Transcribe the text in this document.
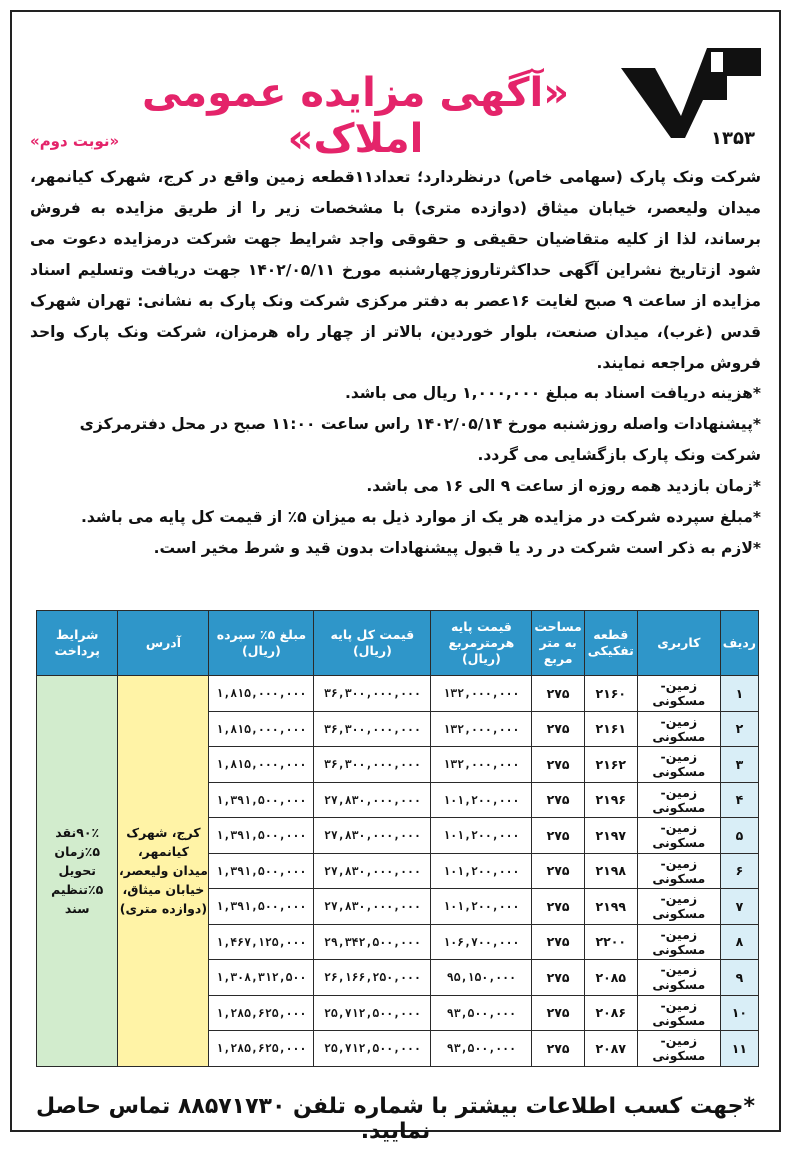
۱۳۵۳
«آگهی مزایده عمومی املاک»
«نوبت دوم»

شرکت ونک پارک (سهامی خاص) درنظردارد؛ تعداد۱۱قطعه زمین واقع در کرج، شهرک کیانمهر، میدان ولیعصر، خیابان میثاق (دوازده متری) با مشخصات زیر را از طریق مزایده به فروش برساند، لذا از کلیه متقاضیان حقیقی و حقوقی واجد شرایط جهت شرکت درمزایده دعوت می شود ازتاریخ نشراین آگهی حداکثرتاروزچهارشنبه مورخ ۱۴۰۲/۰۵/۱۱ جهت دریافت وتسلیم اسناد مزایده از ساعت ۹ صبح لغایت ۱۶عصر به دفتر مرکزی شرکت ونک پارک به نشانی: تهران شهرک قدس (غرب)، میدان صنعت، بلوار خوردین، بالاتر از چهار راه هرمزان، شرکت ونک پارک واحد فروش مراجعه نمایند.

*هزینه دریافت اسناد به مبلغ ۱,۰۰۰,۰۰۰ ریال می باشد.

*پیشنهادات واصله روزشنبه مورخ ۱۴۰۲/۰۵/۱۴ راس ساعت ۱۱:۰۰ صبح در محل دفترمرکزی شرکت ونک پارک بازگشایی می گردد.

*زمان بازدید همه روزه از ساعت ۹ الی ۱۶ می باشد.

*مبلغ سپرده شرکت در مزایده هر یک از موارد ذیل به میزان ۵٪ از قیمت کل پایه می باشد.

*لازم به ذکر است شرکت در رد یا قبول پیشنهادات بدون قید و شرط مخیر است.

ردیف	کاربری	قطعه تفکیکی	مساحت به متر مربع	قیمت پایه هرمترمربع (ریال)	قیمت کل پایه (ریال)	مبلغ ۵٪ سپرده (ریال)	آدرس	شرایط پرداخت
۱	زمین-مسکونی	۲۱۶۰	۲۷۵	۱۳۲,۰۰۰,۰۰۰	۳۶,۳۰۰,۰۰۰,۰۰۰	۱,۸۱۵,۰۰۰,۰۰۰	کرج، شهرک کیانمهر، میدان ولیعصر، خیابان میثاق، (دوازده متری)	۹۰٪نقد ۵٪زمان تحویل ۵٪تنظیم سند
۲	زمین-مسکونی	۲۱۶۱	۲۷۵	۱۳۲,۰۰۰,۰۰۰	۳۶,۳۰۰,۰۰۰,۰۰۰	۱,۸۱۵,۰۰۰,۰۰۰		
۳	زمین-مسکونی	۲۱۶۲	۲۷۵	۱۳۲,۰۰۰,۰۰۰	۳۶,۳۰۰,۰۰۰,۰۰۰	۱,۸۱۵,۰۰۰,۰۰۰		
۴	زمین-مسکونی	۲۱۹۶	۲۷۵	۱۰۱,۲۰۰,۰۰۰	۲۷,۸۳۰,۰۰۰,۰۰۰	۱,۳۹۱,۵۰۰,۰۰۰		
۵	زمین-مسکونی	۲۱۹۷	۲۷۵	۱۰۱,۲۰۰,۰۰۰	۲۷,۸۳۰,۰۰۰,۰۰۰	۱,۳۹۱,۵۰۰,۰۰۰		
۶	زمین-مسکونی	۲۱۹۸	۲۷۵	۱۰۱,۲۰۰,۰۰۰	۲۷,۸۳۰,۰۰۰,۰۰۰	۱,۳۹۱,۵۰۰,۰۰۰		
۷	زمین-مسکونی	۲۱۹۹	۲۷۵	۱۰۱,۲۰۰,۰۰۰	۲۷,۸۳۰,۰۰۰,۰۰۰	۱,۳۹۱,۵۰۰,۰۰۰		
۸	زمین-مسکونی	۲۲۰۰	۲۷۵	۱۰۶,۷۰۰,۰۰۰	۲۹,۳۴۲,۵۰۰,۰۰۰	۱,۴۶۷,۱۲۵,۰۰۰		
۹	زمین-مسکونی	۲۰۸۵	۲۷۵	۹۵,۱۵۰,۰۰۰	۲۶,۱۶۶,۲۵۰,۰۰۰	۱,۳۰۸,۳۱۲,۵۰۰		
۱۰	زمین-مسکونی	۲۰۸۶	۲۷۵	۹۳,۵۰۰,۰۰۰	۲۵,۷۱۲,۵۰۰,۰۰۰	۱,۲۸۵,۶۲۵,۰۰۰		
۱۱	زمین-مسکونی	۲۰۸۷	۲۷۵	۹۳,۵۰۰,۰۰۰	۲۵,۷۱۲,۵۰۰,۰۰۰	۱,۲۸۵,۶۲۵,۰۰۰		
*جهت کسب اطلاعات بیشتر با شماره تلفن ۸۸۵۷۱۷۳۰ تماس حاصل نمایید.
